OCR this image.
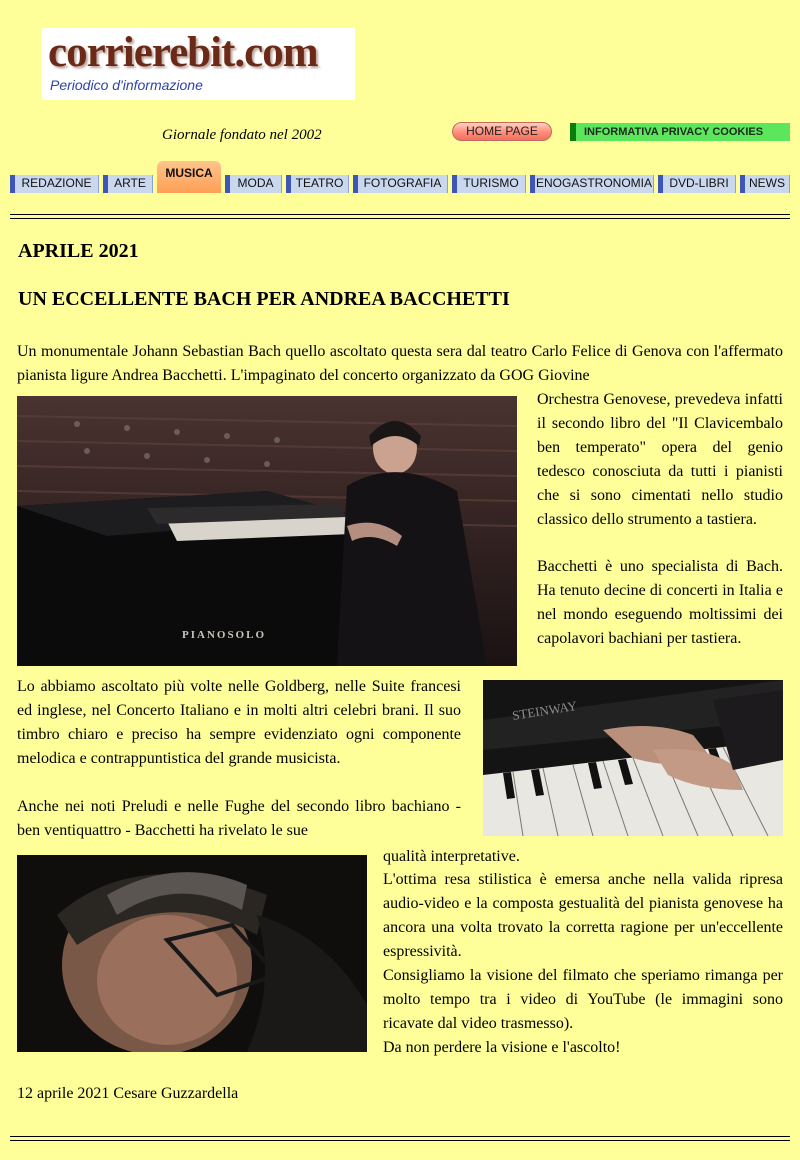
corrierebit.com
Periodico d'informazione
Giornale fondato nel 2002	HOME PAGE	INFORMATIVA PRIVACY COOKIES
REDAZIONE	ARTE
MUSICA
MODA	TEATRO	FOTOGRAFIA	TURISMO	ENOGASTRONOMIA	DVD-LIBRI	NEWS
APRILE 2021
UN ECCELLENTE BACH PER ANDREA BACCHETTI

Un monumentale Johann Sebastian Bach quello ascoltato questa sera dal teatro Carlo Felice di Genova con l'affermato pianista ligure Andrea Bacchetti. L'impaginato del concerto organizzato da GOG Giovine

PIANOSOLO

Orchestra Genovese, prevedeva infatti il secondo libro del "Il Clavicembalo ben temperato" opera del genio tedesco conosciuta da tutti i pianisti che si sono cimentati nello studio classico dello strumento a tastiera.

Bacchetti è uno specialista di Bach. Ha tenuto decine di concerti in Italia e nel mondo eseguendo moltissimi dei capolavori bachiani per tastiera.

STEINWAY

Lo abbiamo ascoltato più volte nelle Goldberg, nelle Suite francesi ed inglese, nel Concerto Italiano e in molti altri celebri brani. Il suo timbro chiaro e preciso ha sempre evidenziato ogni componente melodica e contrappuntistica del grande musicista.

Anche nei noti Preludi e nelle Fughe del secondo libro bachiano - ben ventiquattro - Bacchetti ha rivelato le sue

qualità interpretative.

L'ottima resa stilistica è emersa anche nella valida ripresa audio-video e la composta gestualità del pianista genovese ha ancora una volta trovato la corretta ragione per un'eccellente espressività.

Consigliamo la visione del filmato che speriamo rimanga per molto tempo tra i video di YouTube (le immagini sono ricavate dal video trasmesso).

Da non perdere la visione e l'ascolto!

12 aprile 2021 Cesare Guzzardella
